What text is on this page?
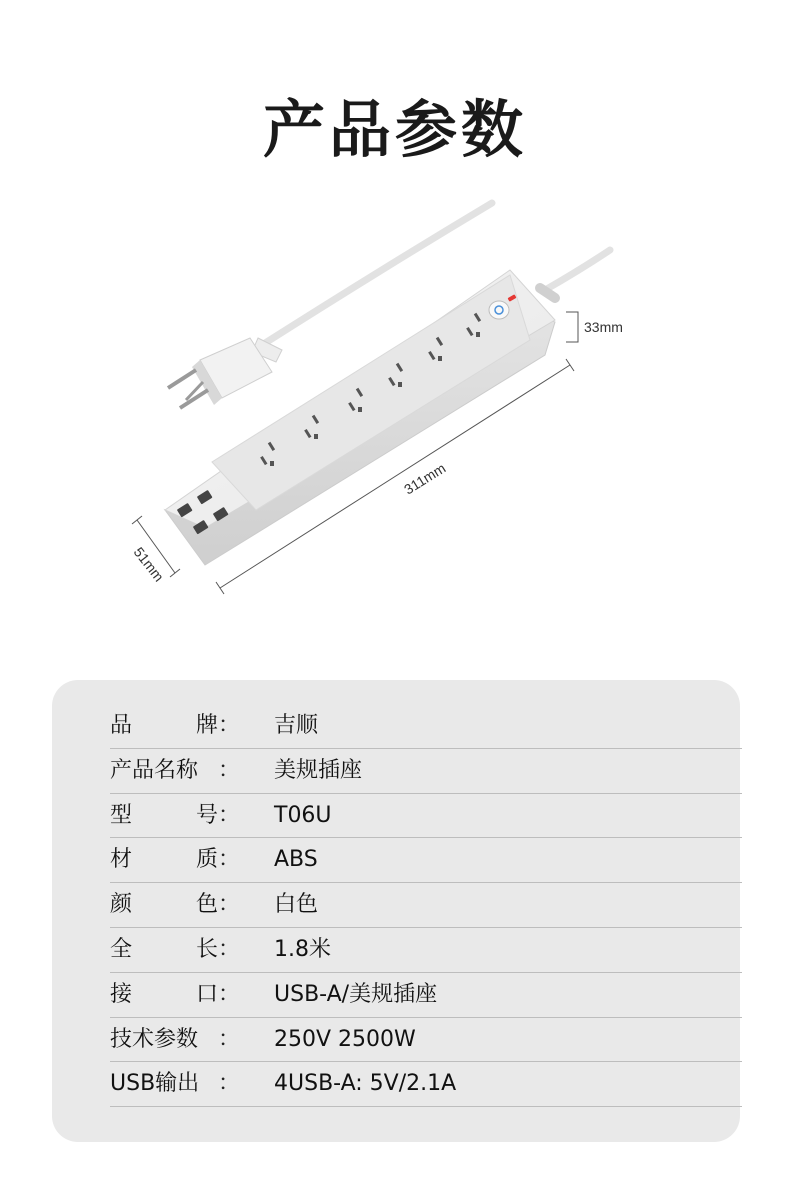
产品参数
33mm
311mm
51mm
品牌 ： 吉顺
产品名称 ： 美规插座
型号 ： T06U
材质 ： ABS
颜色 ： 白色
全长 ： 1.8米
接口 ： USB-A/美规插座
技术参数 ： 250V 2500W
USB输出 ： 4USB-A: 5V/2.1A
